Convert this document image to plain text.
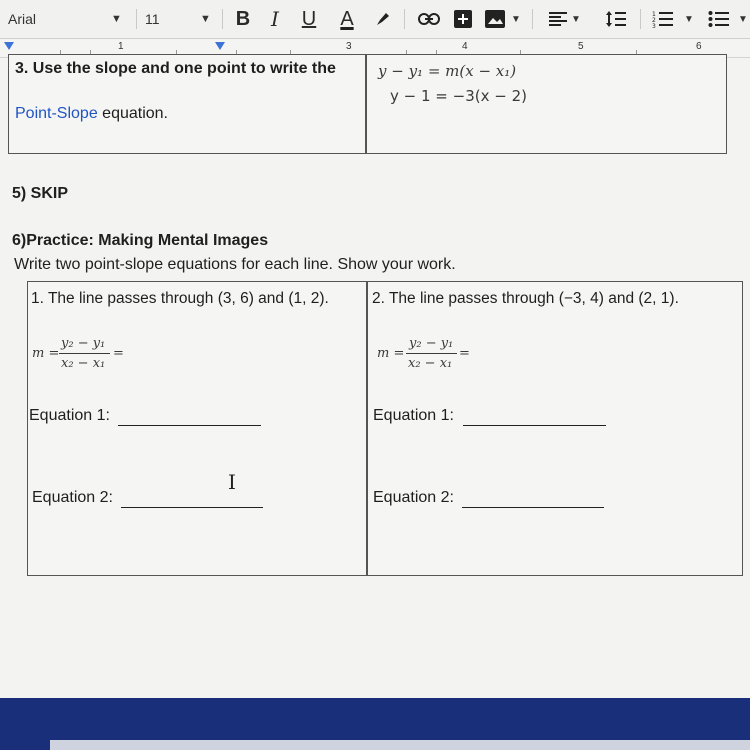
Arial	▼ 11	▼ B	I	U	A	▼	▼	1
2
3
▼	▼
1	3	4	5	6
3. Use the slope and one point to write the
Point-Slope equation.
y − y₁ = m(x − x₁)
y − 1 = −3(x − 2)
5) SKIP
6)Practice: Making Mental Images
Write two point-slope equations for each line. Show your work.
1. The line passes through (3, 6) and (1, 2).
m =
y₂ − y₁
x₂ − x₁
=
Equation 1:
Equation 2:
2. The line passes through (−3, 4) and (2, 1).
m =
y₂ − y₁
x₂ − x₁
=
Equation 1:
Equation 2:
I
